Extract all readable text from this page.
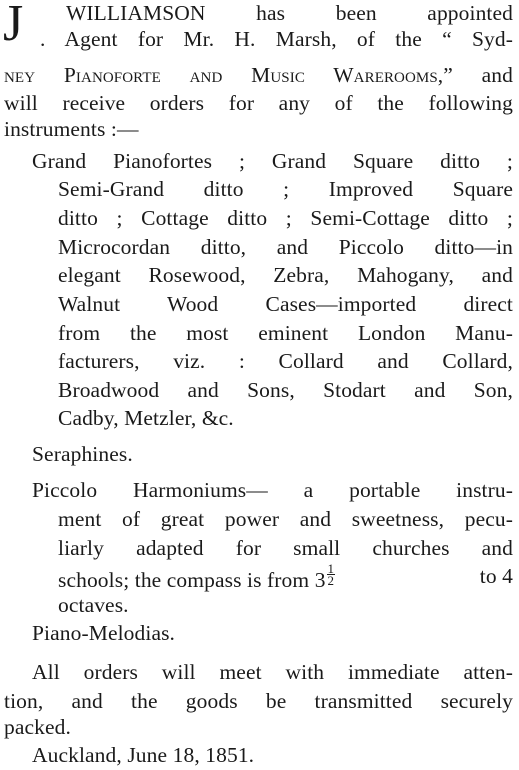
J WILLIAMSON has been appointed
. Agent for Mr. H. Marsh, of the “ Syd-
ney Pianoforte and Music Warerooms,” and
will receive orders for any of the following
instruments :—
Grand Pianofortes ; Grand Square ditto ;
Semi-Grand ditto ; Improved Square
ditto ; Cottage ditto ; Semi-Cottage ditto ;
Microcordan ditto, and Piccolo ditto—in
elegant Rosewood, Zebra, Mahogany, and
Walnut Wood Cases—imported direct
from the most eminent London Manu-
facturers, viz. : Collard and Collard,
Broadwood and Sons, Stodart and Son,
Cadby, Metzler, &c.
Seraphines.
Piccolo Harmoniums— a portable instru-
ment of great power and sweetness, pecu-
liarly adapted for small churches and
schools; the compass is from $3 \frac{1}{2}$	to 4
octaves.
Piano-Melodias.
All orders will meet with immediate atten-
tion, and the goods be transmitted securely
packed.
Auckland, June 18, 1851.
